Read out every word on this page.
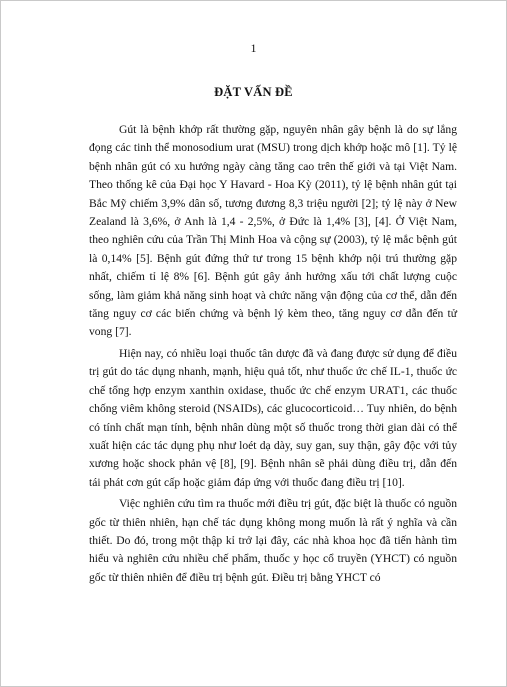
1
ĐẶT VẤN ĐỀ

Gút là bệnh khớp rất thường gặp, nguyên nhân gây bệnh là do sự lắng đọng các tinh thể monosodium urat (MSU) trong dịch khớp hoặc mô [1]. Tỷ lệ bệnh nhân gút có xu hướng ngày càng tăng cao trên thế giới và tại Việt Nam. Theo thống kê của Đại học Y Havard - Hoa Kỳ (2011), tỷ lệ bệnh nhân gút tại Bắc Mỹ chiếm 3,9% dân số, tương đương 8,3 triệu người [2]; tỷ lệ này ở New Zealand là 3,6%, ở Anh là 1,4 - 2,5%, ở Đức là 1,4% [3], [4]. Ở Việt Nam, theo nghiên cứu của Trần Thị Minh Hoa và cộng sự (2003), tỷ lệ mắc bệnh gút là 0,14% [5]. Bệnh gút đứng thứ tư trong 15 bệnh khớp nội trú thường gặp nhất, chiếm tỉ lệ 8% [6]. Bệnh gút gây ảnh hưởng xấu tới chất lượng cuộc sống, làm giảm khả năng sinh hoạt và chức năng vận động của cơ thể, dẫn đến tăng nguy cơ các biến chứng và bệnh lý kèm theo, tăng nguy cơ dẫn đến tử vong [7].

Hiện nay, có nhiều loại thuốc tân dược đã và đang được sử dụng để điều trị gút do tác dụng nhanh, mạnh, hiệu quả tốt, như thuốc ức chế IL-1, thuốc ức chế tổng hợp enzym xanthin oxidase, thuốc ức chế enzym URAT1, các thuốc chống viêm không steroid (NSAIDs), các glucocorticoid… Tuy nhiên, do bệnh có tính chất mạn tính, bệnh nhân dùng một số thuốc trong thời gian dài có thể xuất hiện các tác dụng phụ như loét dạ dày, suy gan, suy thận, gây độc với tủy xương hoặc shock phản vệ [8], [9]. Bệnh nhân sẽ phải dùng điều trị, dẫn đến tái phát cơn gút cấp hoặc giảm đáp ứng với thuốc đang điều trị [10].

Việc nghiên cứu tìm ra thuốc mới điều trị gút, đặc biệt là thuốc có nguồn gốc từ thiên nhiên, hạn chế tác dụng không mong muốn là rất ý nghĩa và cần thiết. Do đó, trong một thập kỉ trở lại đây, các nhà khoa học đã tiến hành tìm hiểu và nghiên cứu nhiều chế phẩm, thuốc y học cổ truyền (YHCT) có nguồn gốc từ thiên nhiên để điều trị bệnh gút. Điều trị bằng YHCT có
